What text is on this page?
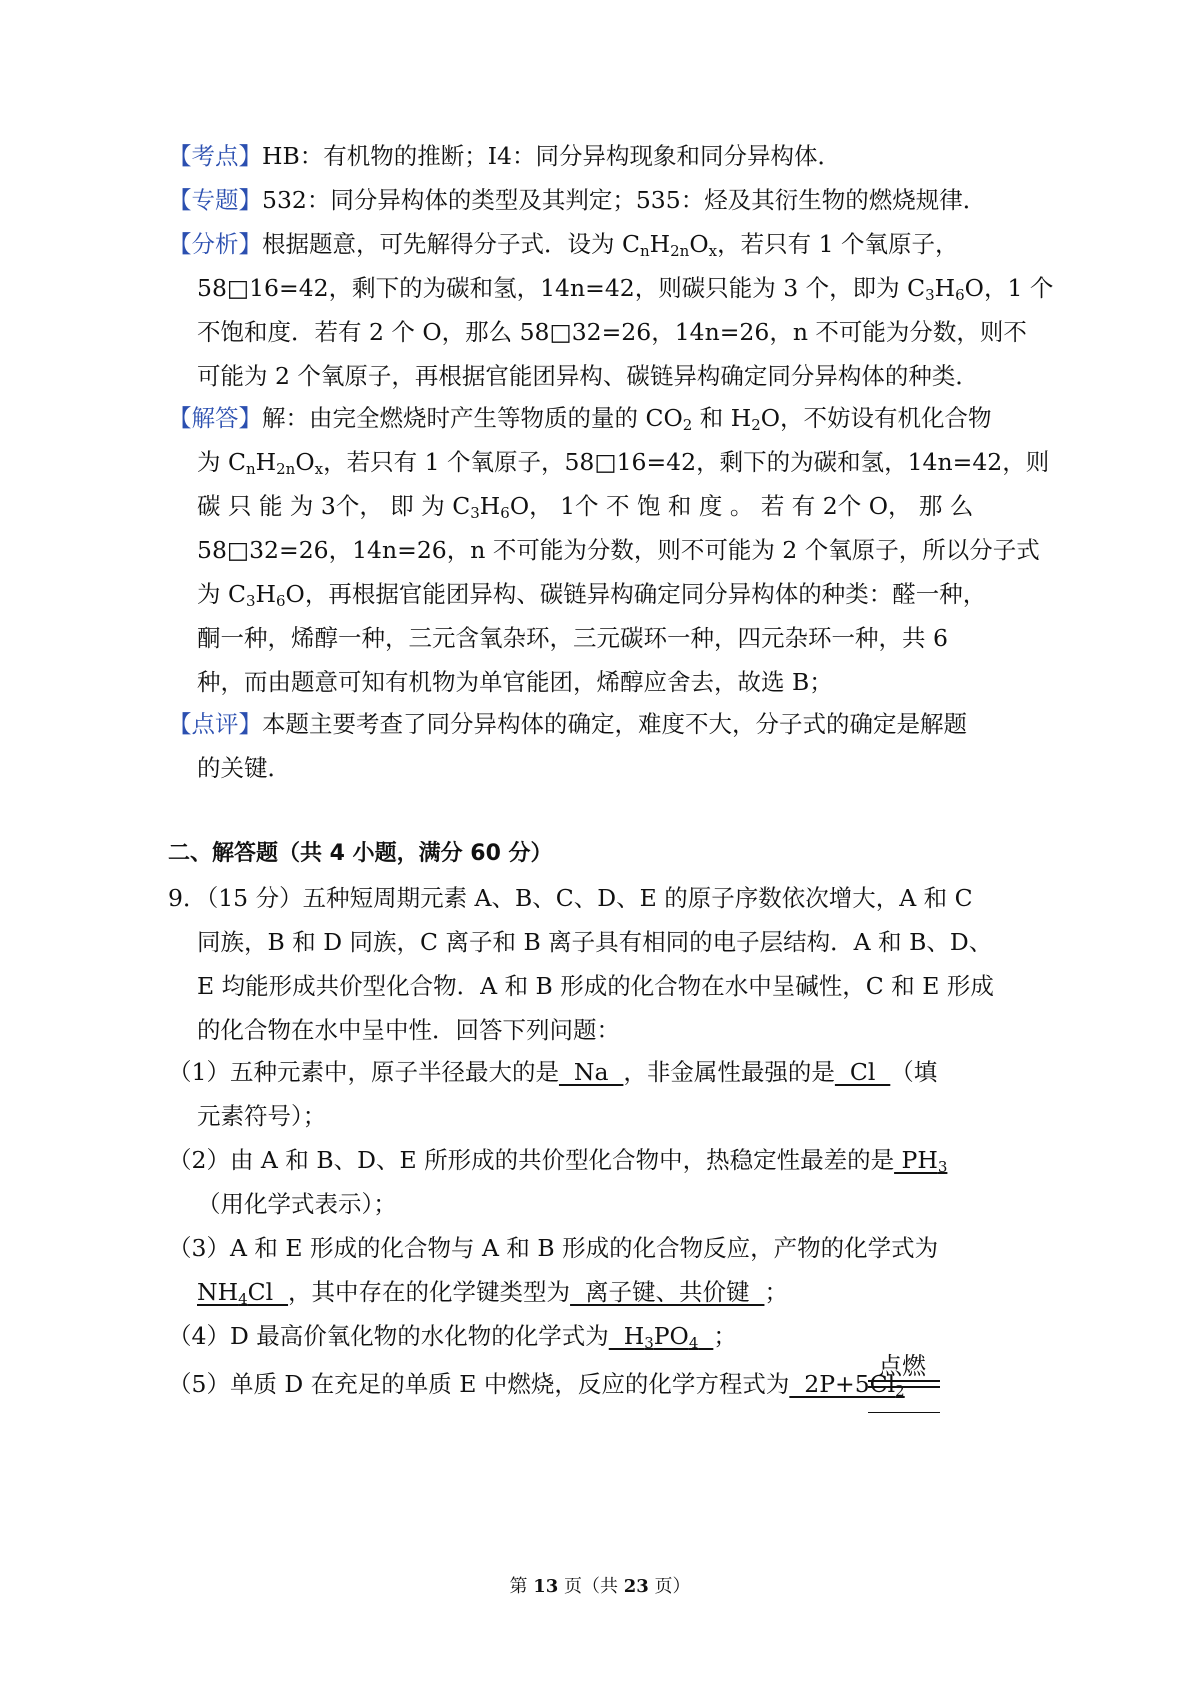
【考点】HB：有机物的推断；I4：同分异构现象和同分异构体．
【专题】532：同分异构体的类型及其判定；535：烃及其衍生物的燃烧规律．
【分析】根据题意，可先解得分子式．设为 $C_nH_{2n}O_x$，若只有 1 个氧原子，
58□16=42，剩下的为碳和氢，14n=42，则碳只能为 3 个，即为 $C_3H_6O$，1 个
不饱和度．若有 2 个 O，那么 58□32=26，14n=26，n 不可能为分数，则不
可能为 2 个氧原子，再根据官能团异构、碳链异构确定同分异构体的种类．
【解答】解：由完全燃烧时产生等物质的量的 $CO_2$ 和 $H_2O$，不妨设有机化合物
为 $C_nH_{2n}O_x$，若只有 1 个氧原子，58□16=42，剩下的为碳和氢，14n=42，则
碳 只 能 为 3个， 即 为 $C_3H_6O$， 1个 不 饱 和 度 。 若 有 2个 O， 那 么
58□32=26，14n=26，n 不可能为分数，则不可能为 2 个氧原子，所以分子式
为 $C_3H_6O$，再根据官能团异构、碳链异构确定同分异构体的种类：醛一种，
酮一种，烯醇一种，三元含氧杂环，三元碳环一种，四元杂环一种，共 6
种，而由题意可知有机物为单官能团，烯醇应舍去，故选 B；
【点评】本题主要考查了同分异构体的确定，难度不大，分子式的确定是解题
的关键．
二、解答题（共 4 小题，满分 60 分）
9．（15 分）五种短周期元素 A、B、C、D、E 的原子序数依次增大，A 和 C
同族，B 和 D 同族，C 离子和 B 离子具有相同的电子层结构．A 和 B、D、
E 均能形成共价型化合物．A 和 B 形成的化合物在水中呈碱性，C 和 E 形成
的化合物在水中呈中性．回答下列问题：
（1）五种元素中，原子半径最大的是  Na  ，非金属性最强的是  Cl  （填
元素符号）；
（2）由 A 和 B、D、E 所形成的共价型化合物中，热稳定性最差的是 $PH_3$
（用化学式表示）；
（3）A 和 E 形成的化合物与 A 和 B 形成的化合物反应，产物的化学式为
$NH_4Cl$  ，其中存在的化学键类型为  离子键、共价键  ；
（4）D 最高价氧化物的水化物的化学式为  $H_3PO_4$ ；
（5）单质 D 在充足的单质 E 中燃烧，反应的化学方程式为  $2P+5Cl_2$
点燃
第 13 页（共 23 页）
